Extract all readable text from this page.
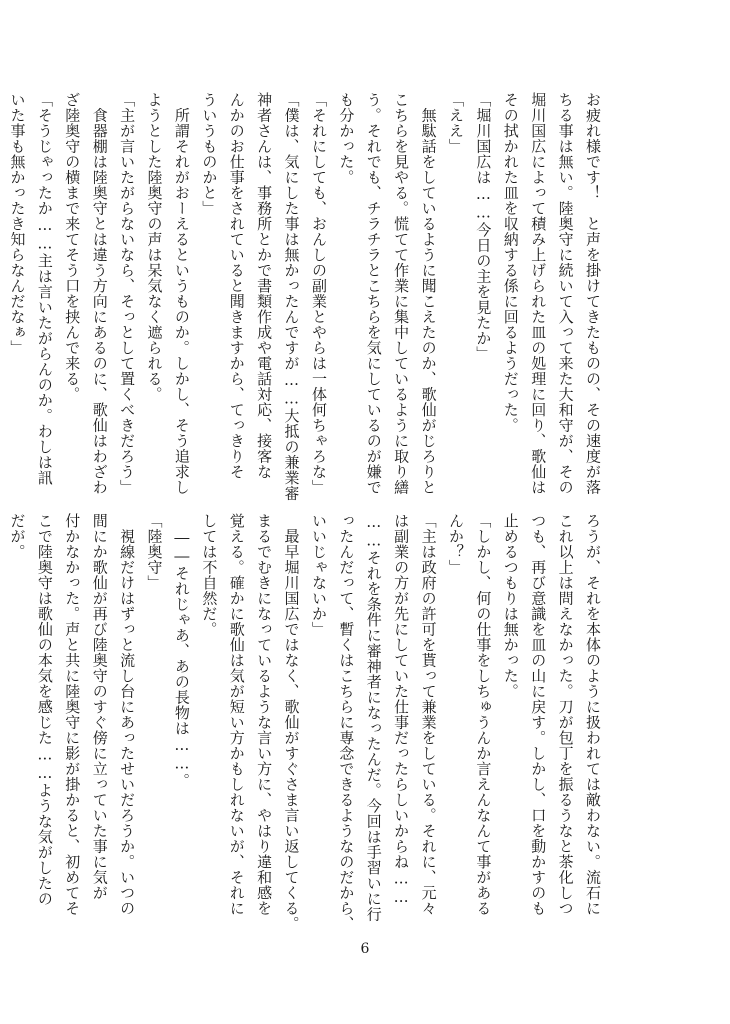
お疲れ様です！　と声を掛けてきたものの、その速度が落
ちる事は無い。陸奥守に続いて入って来た大和守が、その
堀川国広によって積み上げられた皿の処理に回り、歌仙は
その拭かれた皿を収納する係に回るようだった。
「堀川国広は……今日の主を見たか」
「ええ」
　無駄話をしているように聞こえたのか、歌仙がじろりと
こちらを見やる。慌てて作業に集中しているように取り繕
う。それでも、チラチラとこちらを気にしているのが嫌で
も分かった。
「それにしても、おんしの副業とやらは一体何ちゃろな」
「僕は、気にした事は無かったんですが……大抵の兼業審
神者さんは、事務所とかで書類作成や電話対応、接客な
んかのお仕事をされていると聞きますから、てっきりそ
ういうものかと」
　所謂それがおーえるというものか。しかし、そう追求し
ようとした陸奥守の声は呆気なく遮られる。
「主が言いたがらないなら、そっとして置くべきだろう」
　食器棚は陸奥守とは違う方向にあるのに、歌仙はわざわ
ざ陸奥守の横まで来てそう口を挟んで来る。
「そうじゃったか……主は言いたがらんのか。わしは訊
いた事も無かったき知らなんだなぁ」
ろうが、それを本体のように扱われては敵わない。流石に
これ以上は問えなかった。刀が包丁を振るうなと茶化しつ
つも、再び意識を皿の山に戻す。しかし、口を動かすのも
止めるつもりは無かった。
「しかし、何の仕事をしちゅうんか言えんなんて事がある
んか？」
「主は政府の許可を貰って兼業をしている。それに、元々
は副業の方が先にしていた仕事だったらしいからね……
……それを条件に審神者になったんだ。今回は手習いに行
ったんだって、暫くはこちらに専念できるようなのだから、
いいじゃないか」
　最早堀川国広ではなく、歌仙がすぐさま言い返してくる。
まるでむきになっているような言い方に、やはり違和感を
覚える。確かに歌仙は気が短い方かもしれないが、それに
しては不自然だ。
　――それじゃあ、あの長物は……。
「陸奥守」
　視線だけはずっと流し台にあったせいだろうか。いつの
間にか歌仙が再び陸奥守のすぐ傍に立っていた事に気が
付かなかった。声と共に陸奥守に影が掛かると、初めてそ
こで陸奥守は歌仙の本気を感じた……ような気がしたの
だが。
6
